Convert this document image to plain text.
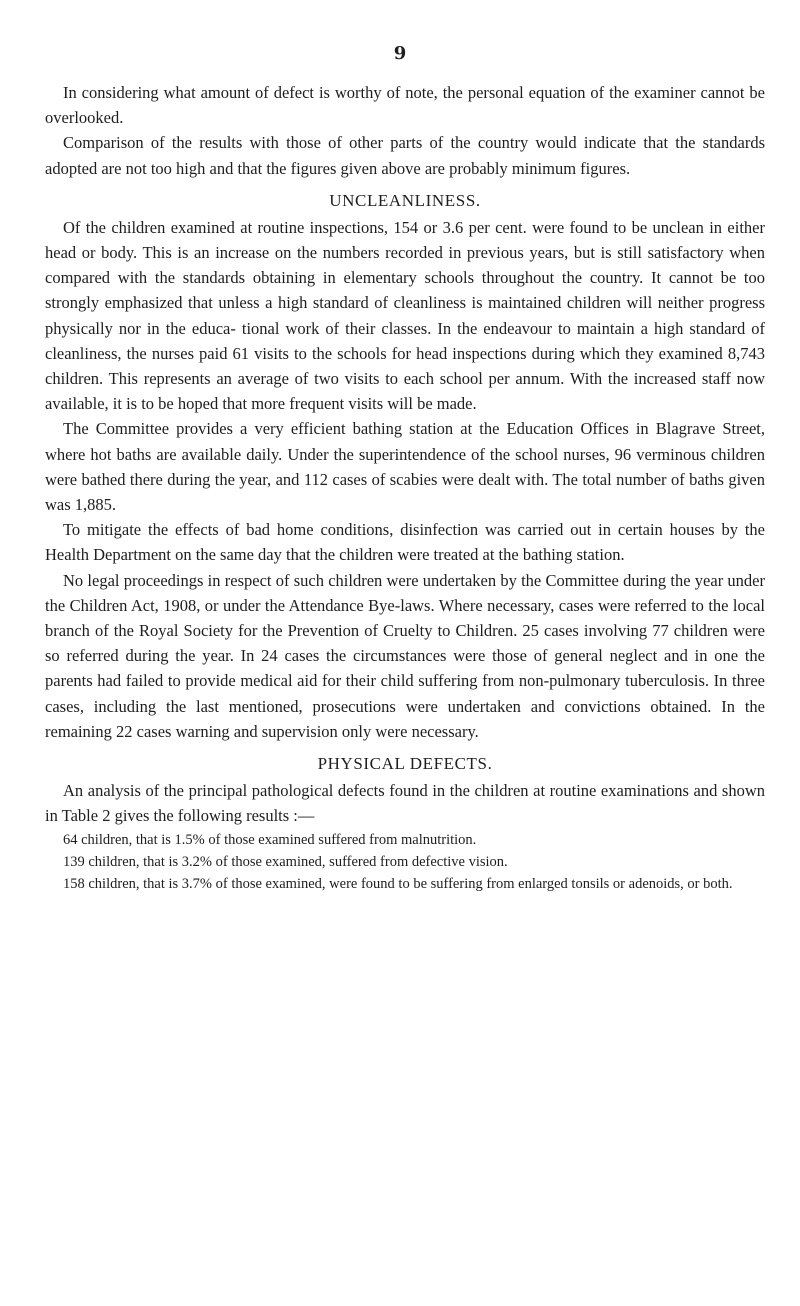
9

In considering what amount of defect is worthy of note, the personal equation of the examiner cannot be overlooked.

Comparison of the results with those of other parts of the country would indicate that the standards adopted are not too high and that the figures given above are probably minimum figures.

UNCLEANLINESS.

Of the children examined at routine inspections, 154 or 3.6 per cent. were found to be unclean in either head or body. This is an increase on the numbers recorded in previous years, but is still satisfactory when compared with the standards obtaining in elementary schools throughout the country. It cannot be too strongly emphasized that unless a high standard of cleanliness is maintained children will neither progress physically nor in the educa- tional work of their classes. In the endeavour to maintain a high standard of cleanliness, the nurses paid 61 visits to the schools for head inspections during which they examined 8,743 children. This represents an average of two visits to each school per annum. With the increased staff now available, it is to be hoped that more frequent visits will be made.

The Committee provides a very efficient bathing station at the Education Offices in Blagrave Street, where hot baths are available daily. Under the superintendence of the school nurses, 96 verminous children were bathed there during the year, and 112 cases of scabies were dealt with. The total number of baths given was 1,885.

To mitigate the effects of bad home conditions, disinfection was carried out in certain houses by the Health Department on the same day that the children were treated at the bathing station.

No legal proceedings in respect of such children were undertaken by the Committee during the year under the Children Act, 1908, or under the Attendance Bye-laws. Where necessary, cases were referred to the local branch of the Royal Society for the Prevention of Cruelty to Children. 25 cases involving 77 children were so referred during the year. In 24 cases the circumstances were those of general neglect and in one the parents had failed to provide medical aid for their child suffering from non-pulmonary tuberculosis. In three cases, including the last mentioned, prosecutions were undertaken and convictions obtained. In the remaining 22 cases warning and supervision only were necessary.

PHYSICAL DEFECTS.

An analysis of the principal pathological defects found in the children at routine examinations and shown in Table 2 gives the following results :—

64 children, that is 1.5% of those examined suffered from malnutrition.

139 children, that is 3.2% of those examined, suffered from defective vision.

158 children, that is 3.7% of those examined, were found to be suffering from enlarged tonsils or adenoids, or both.
